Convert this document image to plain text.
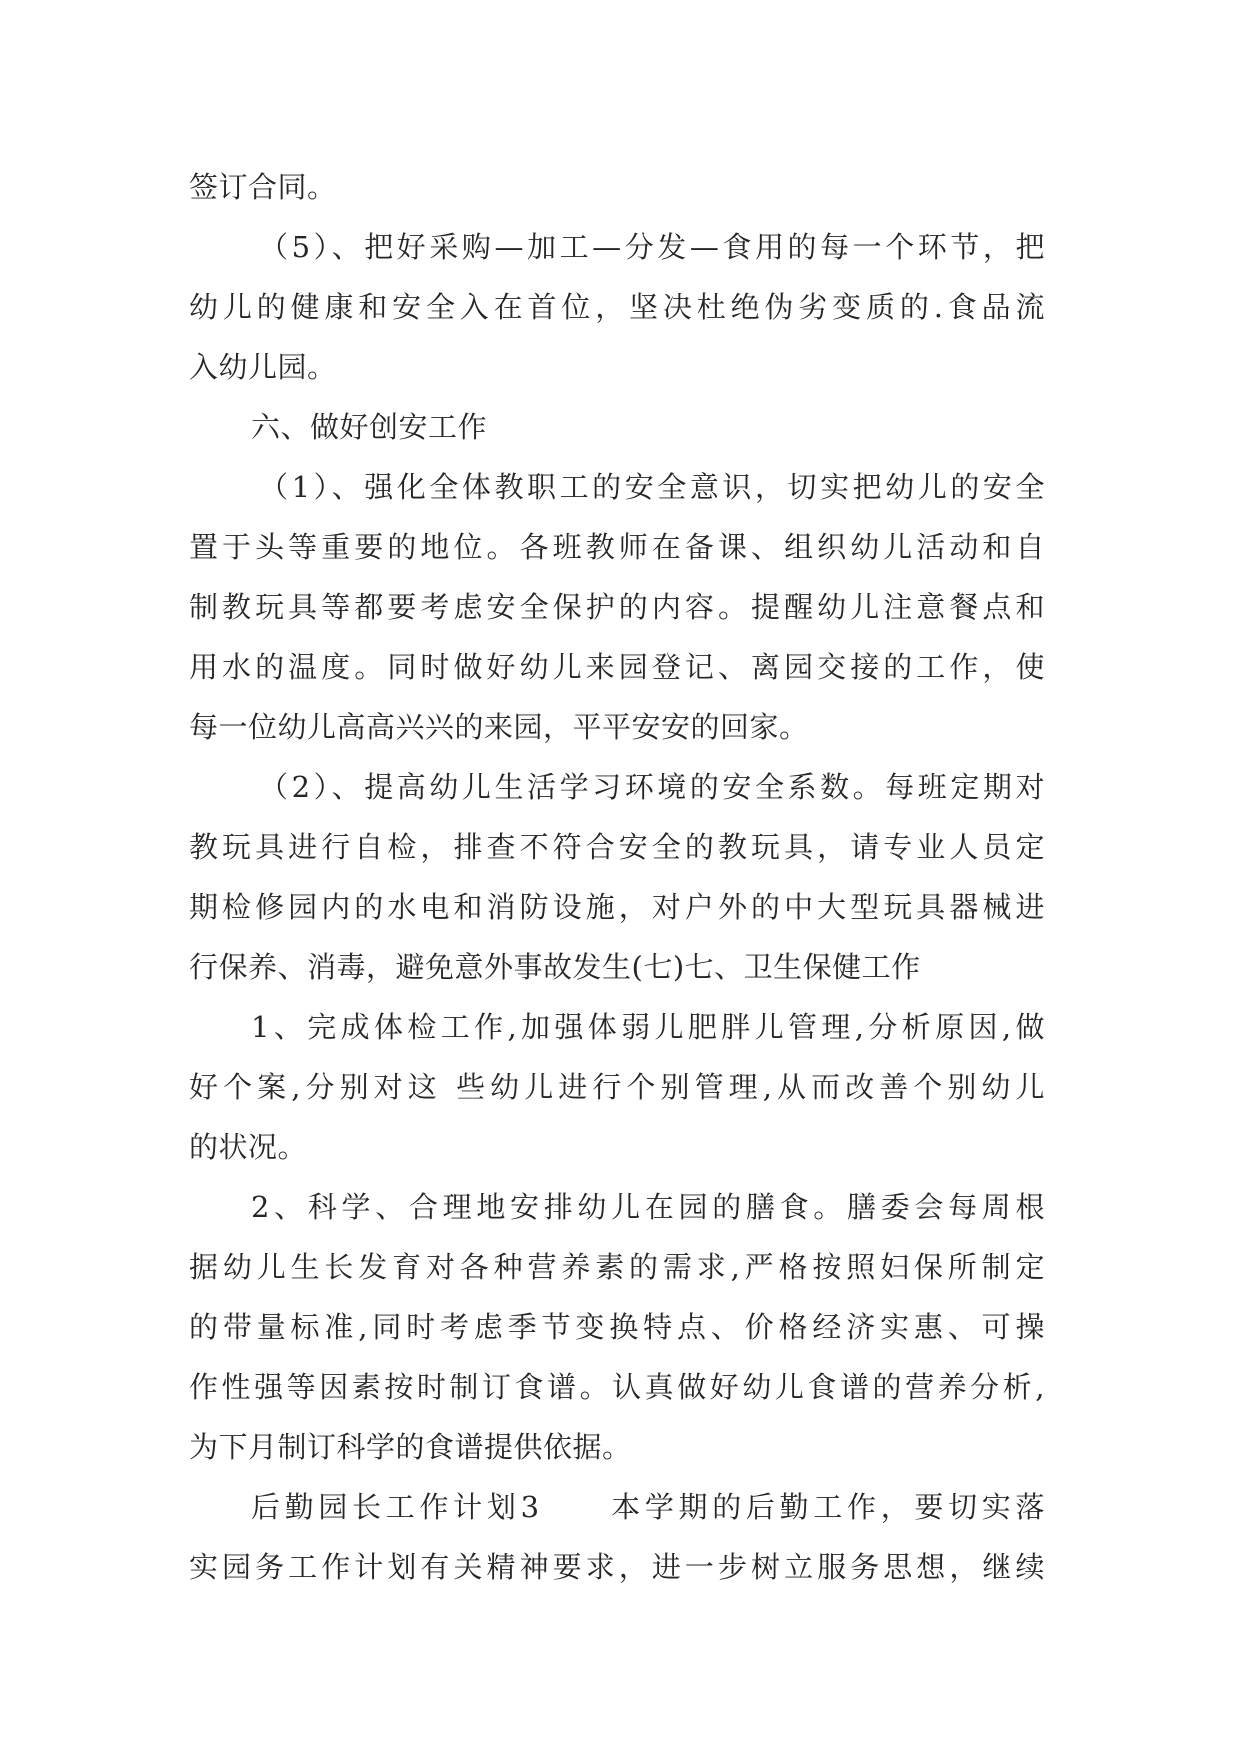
签订合同。
（5）、把好采购—加工—分发—食用的每一个环节，把
幼儿的健康和安全入在首位，坚决杜绝伪劣变质的.食品流
入幼儿园。
六、做好创安工作
（1）、强化全体教职工的安全意识，切实把幼儿的安全
置于头等重要的地位。各班教师在备课、组织幼儿活动和自
制教玩具等都要考虑安全保护的内容。提醒幼儿注意餐点和
用水的温度。同时做好幼儿来园登记、离园交接的工作，使
每一位幼儿高高兴兴的来园，平平安安的回家。
（2）、提高幼儿生活学习环境的安全系数。每班定期对
教玩具进行自检，排查不符合安全的教玩具，请专业人员定
期检修园内的水电和消防设施，对户外的中大型玩具器械进
行保养、消毒，避免意外事故发生(七)七、卫生保健工作
1、完成体检工作,加强体弱儿肥胖儿管理,分析原因,做
好个案,分别对这 些幼儿进行个别管理,从而改善个别幼儿
的状况。
2、科学、合理地安排幼儿在园的膳食。膳委会每周根
据幼儿生长发育对各种营养素的需求,严格按照妇保所制定
的带量标准,同时考虑季节变换特点、价格经济实惠、可操
作性强等因素按时制订食谱。认真做好幼儿食谱的营养分析,
为下月制订科学的食谱提供依据。
后勤园长工作计划3　　本学期的后勤工作，要切实落
实园务工作计划有关精神要求，进一步树立服务思想，继续
